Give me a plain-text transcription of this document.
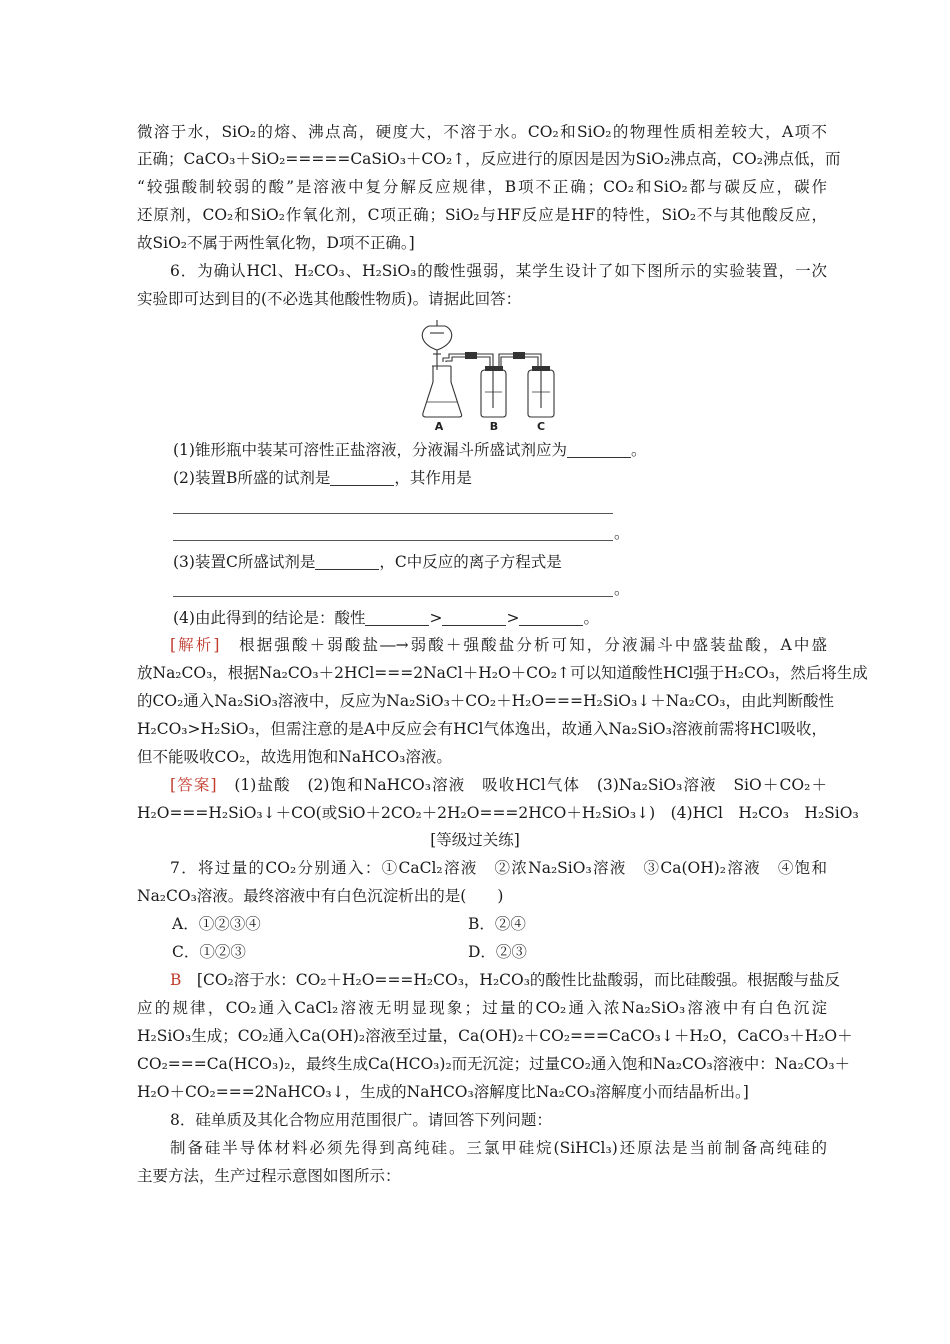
微溶于水，SiO₂的熔、沸点高，硬度大，不溶于水。CO₂和SiO₂的物理性质相差较大，A项不
正确；CaCO₃＋SiO₂=====CaSiO₃＋CO₂↑，反应进行的原因是因为SiO₂沸点高，CO₂沸点低，而
“较强酸制较弱的酸”是溶液中复分解反应规律，B项不正确；CO₂和SiO₂都与碳反应，碳作
还原剂，CO₂和SiO₂作氧化剂，C项正确；SiO₂与HF反应是HF的特性，SiO₂不与其他酸反应，
故SiO₂不属于两性氧化物，D项不正确。]
6．为确认HCl、H₂CO₃、H₂SiO₃的酸性强弱，某学生设计了如下图所示的实验装置，一次
实验即可达到目的(不必选其他酸性物质)。请据此回答：
A	B	C
(1)锥形瓶中装某可溶性正盐溶液，分液漏斗所盛试剂应为	。
(2)装置B所盛的试剂是	，其作用是
。
(3)装置C所盛试剂是	，C中反应的离子方程式是
。
(4)由此得到的结论是：酸性	>	>	。
[解析]　 根据强酸＋弱酸盐―→弱酸＋强酸盐分析可知，分液漏斗中盛装盐酸，A中盛
放Na₂CO₃，根据Na₂CO₃＋2HCl===2NaCl＋H₂O＋CO₂↑可以知道酸性HCl强于H₂CO₃，然后将生成
的CO₂通入Na₂SiO₃溶液中，反应为Na₂SiO₃＋CO₂＋H₂O===H₂SiO₃↓＋Na₂CO₃，由此判断酸性
H₂CO₃>H₂SiO₃，但需注意的是A中反应会有HCl气体逸出，故通入Na₂SiO₃溶液前需将HCl吸收，
但不能吸收CO₂，故选用饱和NaHCO₃溶液。
[答案]　 (1)盐酸　(2)饱和NaHCO₃溶液　吸收HCl气体　(3)Na₂SiO₃溶液　SiO＋CO₂＋
H₂O===H₂SiO₃↓＋CO(或SiO＋2CO₂＋2H₂O===2HCO＋H₂SiO₃↓)　(4)HCl　H₂CO₃　H₂SiO₃
[等级过关练]
7．将过量的CO₂分别通入：①CaCl₂溶液　②浓Na₂SiO₃溶液　③Ca(OH)₂溶液　④饱和
Na₂CO₃溶液。最终溶液中有白色沉淀析出的是(　　)
A．①②③④	B．②④
C．①②③	D．②③
B　 [CO₂溶于水：CO₂＋H₂O===H₂CO₃，H₂CO₃的酸性比盐酸弱，而比硅酸强。根据酸与盐反
应的规律，CO₂通入CaCl₂溶液无明显现象；过量的CO₂通入浓Na₂SiO₃溶液中有白色沉淀
H₂SiO₃生成；CO₂通入Ca(OH)₂溶液至过量，Ca(OH)₂＋CO₂===CaCO₃↓＋H₂O，CaCO₃＋H₂O＋
CO₂===Ca(HCO₃)₂，最终生成Ca(HCO₃)₂而无沉淀；过量CO₂通入饱和Na₂CO₃溶液中：Na₂CO₃＋
H₂O＋CO₂===2NaHCO₃↓，生成的NaHCO₃溶解度比Na₂CO₃溶解度小而结晶析出。]
8．硅单质及其化合物应用范围很广。请回答下列问题：
制备硅半导体材料必须先得到高纯硅。三氯甲硅烷(SiHCl₃)还原法是当前制备高纯硅的
主要方法，生产过程示意图如图所示：
